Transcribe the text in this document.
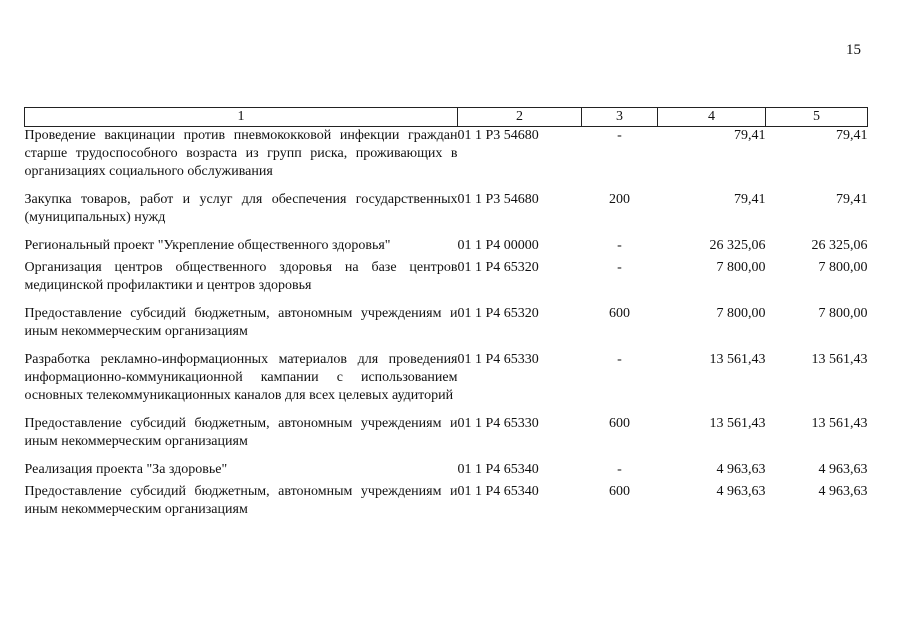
15
1	2	3	4	5
Проведение вакцинации против пневмококковой инфекции граждан старше трудоспособного возраста из групп риска, проживающих в организациях социального обслуживания	01 1 Р3 54680	-	79,41	79,41
Закупка товаров, работ и услуг для обеспечения государственных (муниципальных) нужд	01 1 Р3 54680	200	79,41	79,41
Региональный проект "Укрепление общественного здоровья"	01 1 Р4 00000	-	26 325,06	26 325,06
Организация центров общественного здоровья на базе центров медицинской профилактики и центров здоровья	01 1 Р4 65320	-	7 800,00	7 800,00
Предоставление субсидий бюджетным, автономным учреждениям и иным некоммерческим организациям	01 1 Р4 65320	600	7 800,00	7 800,00
Разработка рекламно-информационных материалов для проведения информационно-коммуникационной кампании с использованием основных телекоммуникационных каналов для всех целевых аудиторий	01 1 Р4 65330	-	13 561,43	13 561,43
Предоставление субсидий бюджетным, автономным учреждениям и иным некоммерческим организациям	01 1 Р4 65330	600	13 561,43	13 561,43
Реализация проекта "За здоровье"	01 1 Р4 65340	-	4 963,63	4 963,63
Предоставление субсидий бюджетным, автономным учреждениям и иным некоммерческим организациям	01 1 Р4 65340	600	4 963,63	4 963,63
